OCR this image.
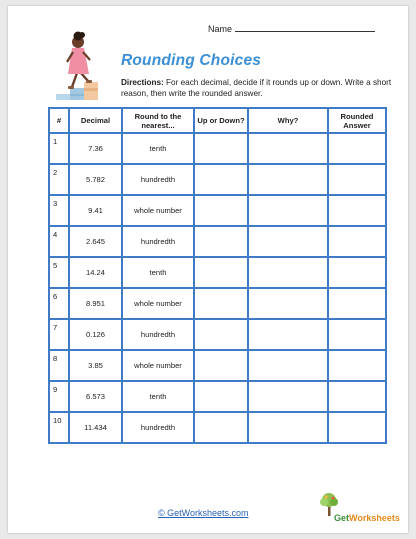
Name
Rounding Choices
Directions: For each decimal, decide if it rounds up or down. Write a short reason, then write the rounded answer.
#	Decimal	Round to the nearest...	Up or Down?	Why?	Rounded Answer

1	7.36	tenth			

2	5.782	hundredth			

3	9.41	whole number			

4	2.645	hundredth			

5	14.24	tenth			

6	8.951	whole number			

7	0.126	hundredth			

8	3.85	whole number			

9	6.573	tenth			

10	11.434	hundredth			
© GetWorksheets.com	GetWorksheets
